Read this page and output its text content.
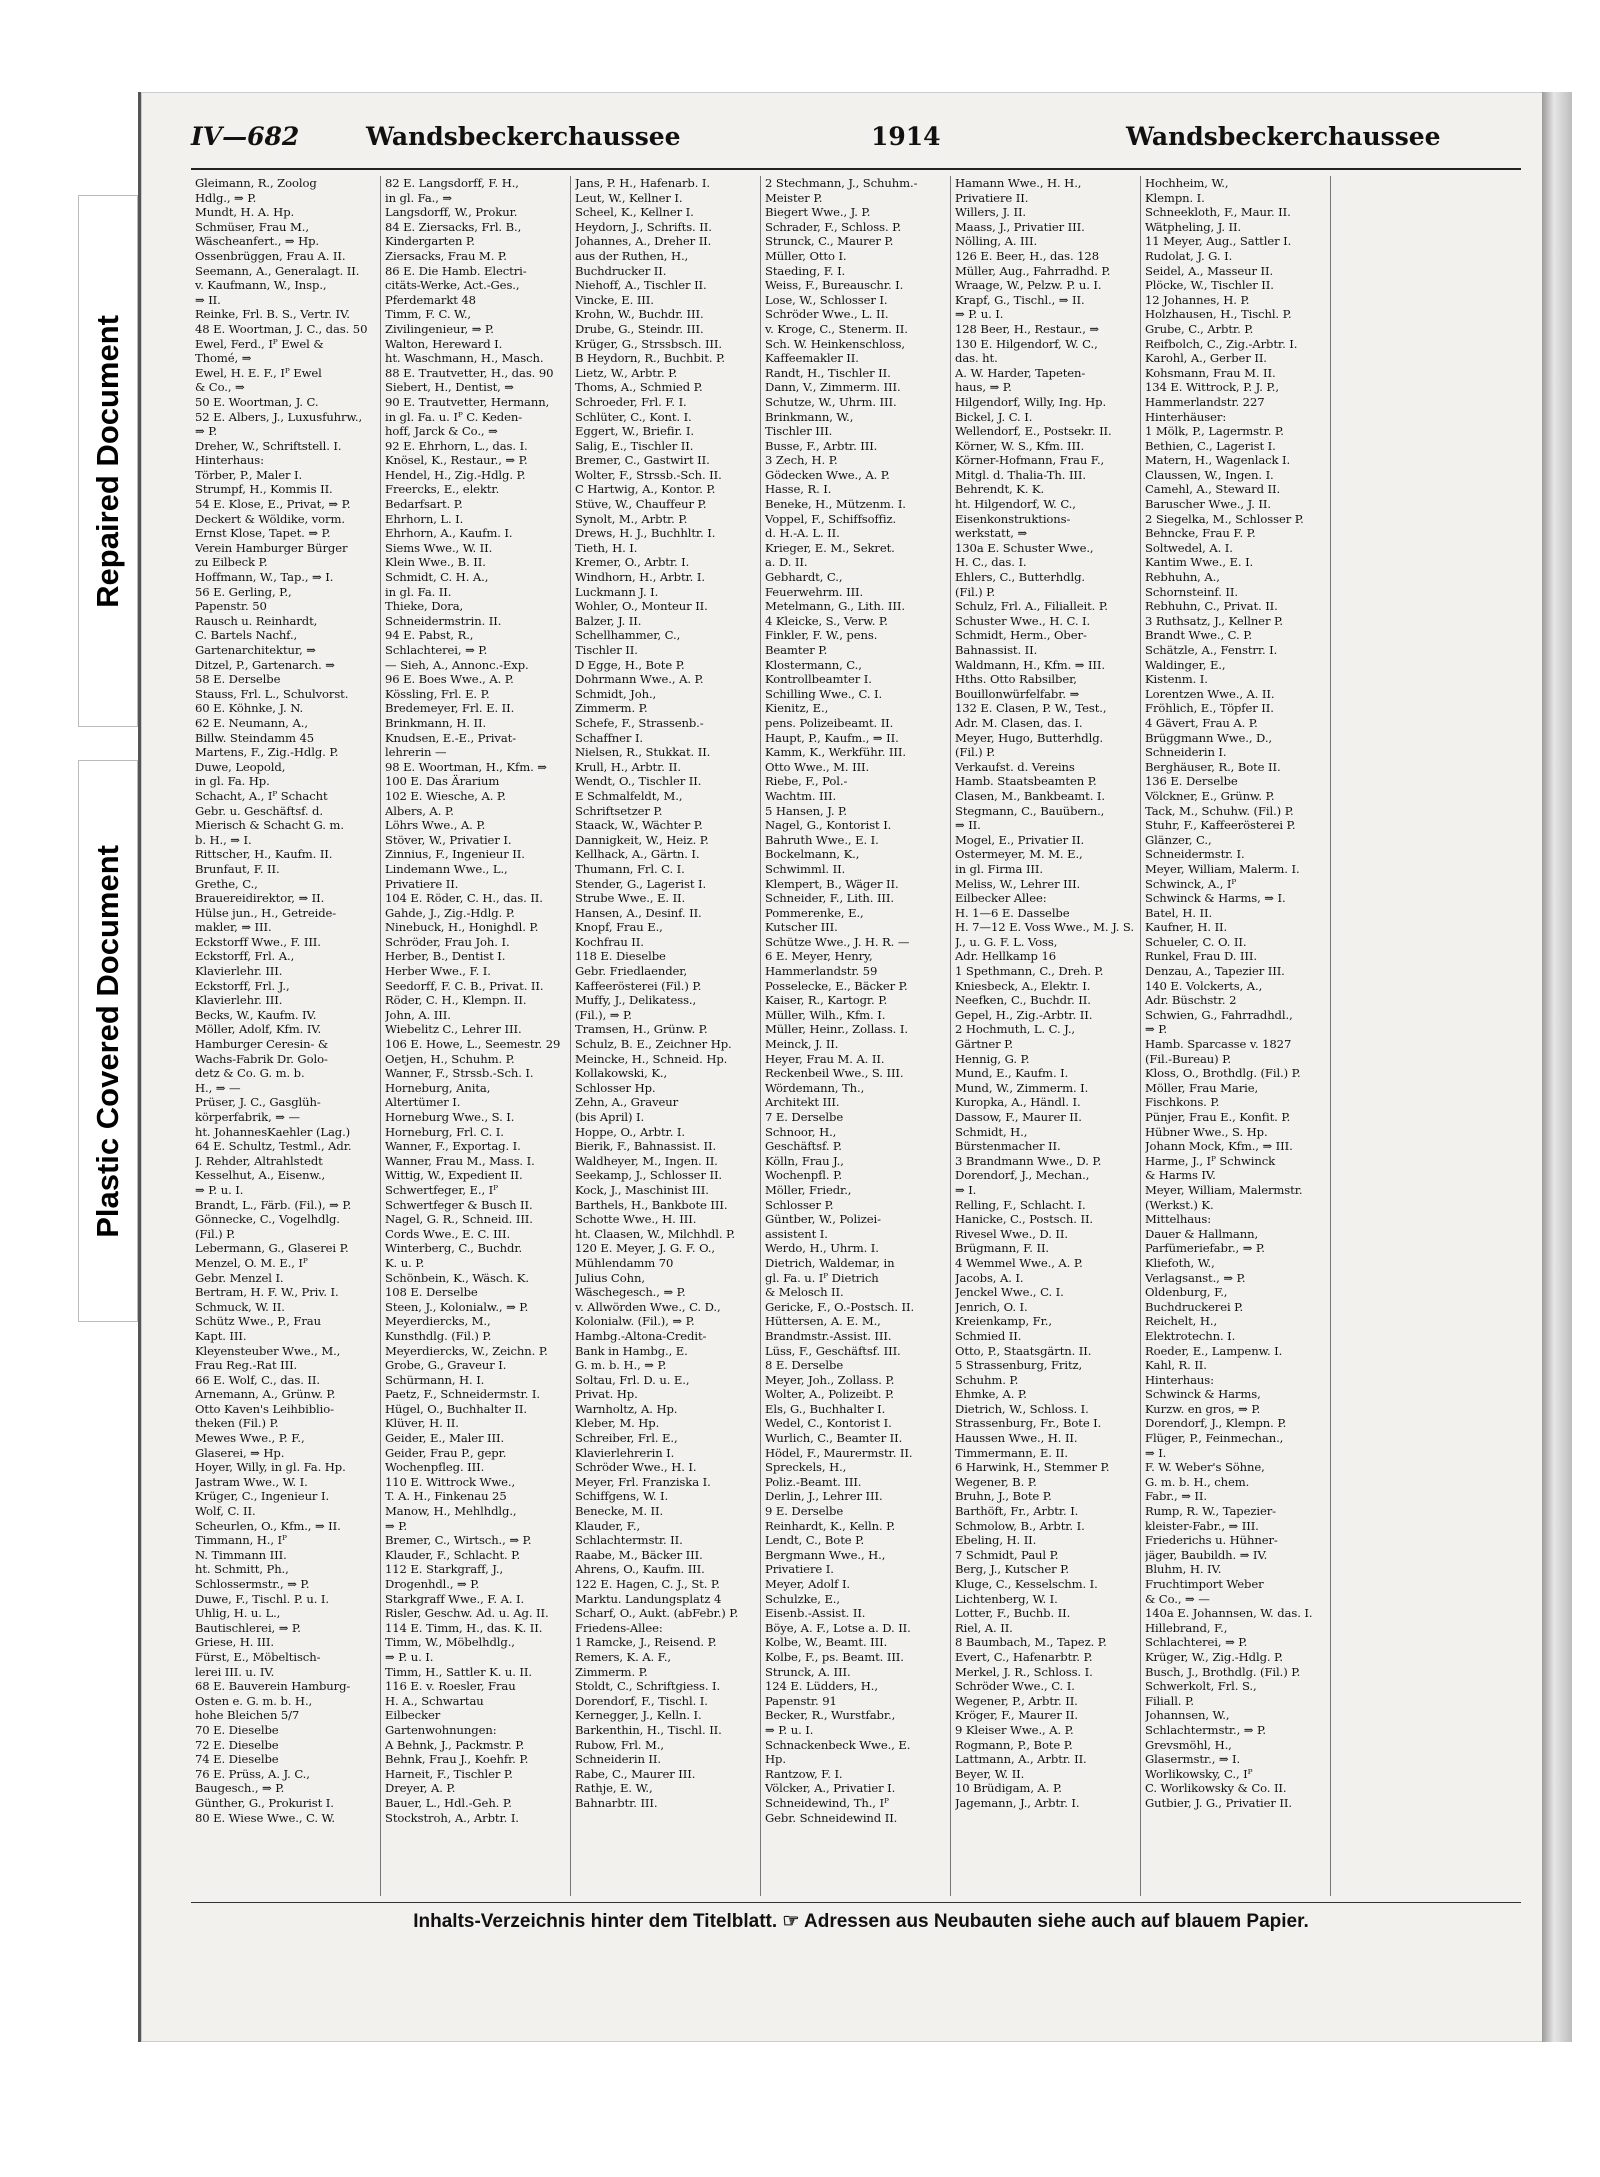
Repaired Document
Plastic Covered Document
IV—682	Wandsbeckerchaussee	1914	Wandsbeckerchaussee
Gleimann, R., Zoolog
Hdlg., ⇒ P.
Mundt, H. A. Hp.
Schmüser, Frau M.,
Wäscheanfert., ⇒ Hp.
Ossenbrüggen, Frau A. II.
Seemann, A., Generalagt. II.
v. Kaufmann, W., Insp.,
⇒ II.
Reinke, Frl. B. S., Vertr. IV.
48 E. Woortman, J. C., das. 50
Ewel, Ferd., Iᴾ Ewel &
Thomé, ⇒
Ewel, H. E. F., Iᴾ Ewel
& Co., ⇒
50 E. Woortman, J. C.
52 E. Albers, J., Luxusfuhrw.,
⇒ P.
Dreher, W., Schriftstell. I.
Hinterhaus:
Törber, P., Maler I.
Strumpf, H., Kommis II.
54 E. Klose, E., Privat, ⇒ P.
Deckert & Wöldike, vorm.
Ernst Klose, Tapet. ⇒ P.
Verein Hamburger Bürger
zu Eilbeck P.
Hoffmann, W., Tap., ⇒ I.
56 E. Gerling, P.,
Papenstr. 50
Rausch u. Reinhardt,
C. Bartels Nachf.,
Gartenarchitektur, ⇒
Ditzel, P., Gartenarch. ⇒
58 E. Derselbe
Stauss, Frl. L., Schulvorst.
60 E. Köhnke, J. N.
62 E. Neumann, A.,
Billw. Steindamm 45
Martens, F., Zig.-Hdlg. P.
Duwe, Leopold,
in gl. Fa. Hp.
Schacht, A., Iᴾ Schacht
Gebr. u. Geschäftsf. d.
Mierisch & Schacht G. m.
b. H., ⇒ I.
Rittscher, H., Kaufm. II.
Brunfaut, F. II.
Grethe, C.,
Brauereidirektor, ⇒ II.
Hülse jun., H., Getreide-
makler, ⇒ III.
Eckstorff Wwe., F. III.
Eckstorff, Frl. A.,
Klavierlehr. III.
Eckstorff, Frl. J.,
Klavierlehr. III.
Becks, W., Kaufm. IV.
Möller, Adolf, Kfm. IV.
Hamburger Ceresin- &
Wachs-Fabrik Dr. Golo-
detz & Co. G. m. b.
H., ⇒ —
Prüser, J. C., Gasglüh-
körperfabrik, ⇒ —
ht. JohannesKaehler (Lag.)
64 E. Schultz, Testml., Adr.
J. Rehder, Altrahlstedt
Kesselhut, A., Eisenw.,
⇒ P. u. I.
Brandt, L., Färb. (Fil.), ⇒ P.
Gönnecke, C., Vogelhdlg.
(Fil.) P.
Lebermann, G., Glaserei P.
Menzel, O. M. E., Iᴾ
Gebr. Menzel I.
Bertram, H. F. W., Priv. I.
Schmuck, W. II.
Schütz Wwe., P., Frau
Kapt. III.
Kleyensteuber Wwe., M.,
Frau Reg.-Rat III.
66 E. Wolf, C., das. II.
Arnemann, A., Grünw. P.
Otto Kaven's Leihbiblio-
theken (Fil.) P.
Mewes Wwe., P. F.,
Glaserei, ⇒ Hp.
Hoyer, Willy, in gl. Fa. Hp.
Jastram Wwe., W. I.
Krüger, C., Ingenieur I.
Wolf, C. II.
Scheurlen, O., Kfm., ⇒ II.
Timmann, H., Iᴾ
N. Timmann III.
ht. Schmitt, Ph.,
Schlossermstr., ⇒ P.
Duwe, F., Tischl. P. u. I.
Uhlig, H. u. L.,
Bautischlerei, ⇒ P.
Griese, H. III.
Fürst, E., Möbeltisch-
lerei III. u. IV.
68 E. Bauverein Hamburg-
Osten e. G. m. b. H.,
hohe Bleichen 5/7
70 E. Dieselbe
72 E. Dieselbe
74 E. Dieselbe
76 E. Prüss, A. J. C.,
Baugesch., ⇒ P.
Günther, G., Prokurist I.
80 E. Wiese Wwe., C. W.
82 E. Langsdorff, F. H.,
in gl. Fa., ⇒
Langsdorff, W., Prokur.
84 E. Ziersacks, Frl. B.,
Kindergarten P.
Ziersacks, Frau M. P.
86 E. Die Hamb. Electri-
citäts-Werke, Act.-Ges.,
Pferdemarkt 48
Timm, F. C. W.,
Zivilingenieur, ⇒ P.
Walton, Hereward I.
ht. Waschmann, H., Masch.
88 E. Trautvetter, H., das. 90
Siebert, H., Dentist, ⇒
90 E. Trautvetter, Hermann,
in gl. Fa. u. Iᴾ C. Keden-
hoff, Jarck & Co., ⇒
92 E. Ehrhorn, L., das. I.
Knösel, K., Restaur., ⇒ P.
Hendel, H., Zig.-Hdlg. P.
Freercks, E., elektr.
Bedarfsart. P.
Ehrhorn, L. I.
Ehrhorn, A., Kaufm. I.
Siems Wwe., W. II.
Klein Wwe., B. II.
Schmidt, C. H. A.,
in gl. Fa. II.
Thieke, Dora,
Schneidermstrin. II.
94 E. Pabst, R.,
Schlachterei, ⇒ P.
— Sieh, A., Annonc.-Exp.
96 E. Boes Wwe., A. P.
Kössling, Frl. E. P.
Bredemeyer, Frl. E. II.
Brinkmann, H. II.
Knudsen, E.-E., Privat-
lehrerin —
98 E. Woortman, H., Kfm. ⇒
100 E. Das Ärarium
102 E. Wiesche, A. P.
Albers, A. P.
Löhrs Wwe., A. P.
Stöver, W., Privatier I.
Zinnius, F., Ingenieur II.
Lindemann Wwe., L.,
Privatiere II.
104 E. Röder, C. H., das. II.
Gahde, J., Zig.-Hdlg. P.
Ninebuck, H., Honighdl. P.
Schröder, Frau Joh. I.
Herber, B., Dentist I.
Herber Wwe., F. I.
Seedorff, F. C. B., Privat. II.
Röder, C. H., Klempn. II.
John, A. III.
Wiebelitz C., Lehrer III.
106 E. Howe, L., Seemestr. 29
Oetjen, H., Schuhm. P.
Wanner, F., Strssb.-Sch. I.
Horneburg, Anita,
Altertümer I.
Horneburg Wwe., S. I.
Horneburg, Frl. C. I.
Wanner, F., Exportag. I.
Wanner, Frau M., Mass. I.
Wittig, W., Expedient II.
Schwertfeger, E., Iᴾ
Schwertfeger & Busch II.
Nagel, G. R., Schneid. III.
Cords Wwe., E. C. III.
Winterberg, C., Buchdr.
K. u. P.
Schönbein, K., Wäsch. K.
108 E. Derselbe
Steen, J., Kolonialw., ⇒ P.
Meyerdiercks, M.,
Kunsthdlg. (Fil.) P.
Meyerdiercks, W., Zeichn. P.
Grobe, G., Graveur I.
Schürmann, H. I.
Paetz, F., Schneidermstr. I.
Hügel, O., Buchhalter II.
Klüver, H. II.
Geider, E., Maler III.
Geider, Frau P., gepr.
Wochenpfleg. III.
110 E. Wittrock Wwe.,
T. A. H., Finkenau 25
Manow, H., Mehlhdlg.,
⇒ P.
Bremer, C., Wirtsch., ⇒ P.
Klauder, F., Schlacht. P.
112 E. Starkgraff, J.,
Drogenhdl., ⇒ P.
Starkgraff Wwe., F. A. I.
Risler, Geschw. Ad. u. Ag. II.
114 E. Timm, H., das. K. II.
Timm, W., Möbelhdlg.,
⇒ P. u. I.
Timm, H., Sattler K. u. II.
116 E. v. Roesler, Frau
H. A., Schwartau
Eilbecker
Gartenwohnungen:
A Behnk, J., Packmstr. P.
Behnk, Frau J., Koehfr. P.
Harneit, F., Tischler P.
Dreyer, A. P.
Bauer, L., Hdl.-Geh. P.
Stockstroh, A., Arbtr. I.
Jans, P. H., Hafenarb. I.
Leut, W., Kellner I.
Scheel, K., Kellner I.
Heydorn, J., Schrifts. II.
Johannes, A., Dreher II.
aus der Ruthen, H.,
Buchdrucker II.
Niehoff, A., Tischler II.
Vincke, E. III.
Krohn, W., Buchdr. III.
Drube, G., Steindr. III.
Krüger, G., Strssbsch. III.
B Heydorn, R., Buchbit. P.
Lietz, W., Arbtr. P.
Thoms, A., Schmied P.
Schroeder, Frl. F. I.
Schlüter, C., Kont. I.
Eggert, W., Briefir. I.
Salig, E., Tischler II.
Bremer, C., Gastwirt II.
Wolter, F., Strssb.-Sch. II.
C Hartwig, A., Kontor. P.
Stüve, W., Chauffeur P.
Synolt, M., Arbtr. P.
Drews, H. J., Buchhltr. I.
Tieth, H. I.
Kremer, O., Arbtr. I.
Windhorn, H., Arbtr. I.
Luckmann J. I.
Wohler, O., Monteur II.
Balzer, J. II.
Schellhammer, C.,
Tischler II.
D Egge, H., Bote P.
Dohrmann Wwe., A. P.
Schmidt, Joh.,
Zimmerm. P.
Schefe, F., Strassenb.-
Schaffner I.
Nielsen, R., Stukkat. II.
Krull, H., Arbtr. II.
Wendt, O., Tischler II.
E Schmalfeldt, M.,
Schriftsetzer P.
Staack, W., Wächter P.
Dannigkeit, W., Heiz. P.
Kellhack, A., Gärtn. I.
Thumann, Frl. C. I.
Stender, G., Lagerist I.
Strube Wwe., E. II.
Hansen, A., Desinf. II.
Knopf, Frau E.,
Kochfrau II.
118 E. Dieselbe
Gebr. Friedlaender,
Kaffeerösterei (Fil.) P.
Muffy, J., Delikatess.,
(Fil.), ⇒ P.
Tramsen, H., Grünw. P.
Schulz, B. E., Zeichner Hp.
Meincke, H., Schneid. Hp.
Kollakowski, K.,
Schlosser Hp.
Zehn, A., Graveur
(bis April) I.
Hoppe, O., Arbtr. I.
Bierik, F., Bahnassist. II.
Waldheyer, M., Ingen. II.
Seekamp, J., Schlosser II.
Kock, J., Maschinist III.
Barthels, H., Bankbote III.
Schotte Wwe., H. III.
ht. Claasen, W., Milchhdl. P.
120 E. Meyer, J. G. F. O.,
Mühlendamm 70
Julius Cohn,
Wäschegesch., ⇒ P.
v. Allwörden Wwe., C. D.,
Kolonialw. (Fil.), ⇒ P.
Hambg.-Altona-Credit-
Bank in Hambg., E.
G. m. b. H., ⇒ P.
Soltau, Frl. D. u. E.,
Privat. Hp.
Warnholtz, A. Hp.
Kleber, M. Hp.
Schreiber, Frl. E.,
Klavierlehrerin I.
Schröder Wwe., H. I.
Meyer, Frl. Franziska I.
Schiffgens, W. I.
Benecke, M. II.
Klauder, F.,
Schlachtermstr. II.
Raabe, M., Bäcker III.
Ahrens, O., Kaufm. III.
122 E. Hagen, C. J., St. P.
Marktu. Landungsplatz 4
Scharf, O., Aukt. (abFebr.) P.
Friedens-Allee:
1 Ramcke, J., Reisend. P.
Remers, K. A. F.,
Zimmerm. P.
Stoldt, C., Schriftgiess. I.
Dorendorf, F., Tischl. I.
Kernegger, J., Kelln. I.
Barkenthin, H., Tischl. II.
Rubow, Frl. M.,
Schneiderin II.
Rabe, C., Maurer III.
Rathje, E. W.,
Bahnarbtr. III.
2 Stechmann, J., Schuhm.-
Meister P.
Biegert Wwe., J. P.
Schrader, F., Schloss. P.
Strunck, C., Maurer P.
Müller, Otto I.
Staeding, F. I.
Weiss, F., Bureauschr. I.
Lose, W., Schlosser I.
Schröder Wwe., L. II.
v. Kroge, C., Stenerm. II.
Sch. W. Heinkenschloss,
Kaffeemakler II.
Randt, H., Tischler II.
Dann, V., Zimmerm. III.
Schutze, W., Uhrm. III.
Brinkmann, W.,
Tischler III.
Busse, F., Arbtr. III.
3 Zech, H. P.
Gödecken Wwe., A. P.
Hasse, R. I.
Beneke, H., Mützenm. I.
Voppel, F., Schiffsoffiz.
d. H.-A. L. II.
Krieger, E. M., Sekret.
a. D. II.
Gebhardt, C.,
Feuerwehrm. III.
Metelmann, G., Lith. III.
4 Kleicke, S., Verw. P.
Finkler, F. W., pens.
Beamter P.
Klostermann, C.,
Kontrollbeamter I.
Schilling Wwe., C. I.
Kienitz, E.,
pens. Polizeibeamt. II.
Haupt, P., Kaufm., ⇒ II.
Kamm, K., Werkführ. III.
Otto Wwe., M. III.
Riebe, F., Pol.-
Wachtm. III.
5 Hansen, J. P.
Nagel, G., Kontorist I.
Bahruth Wwe., E. I.
Bockelmann, K.,
Schwimml. II.
Klempert, B., Wäger II.
Schneider, F., Lith. III.
Pommerenke, E.,
Kutscher III.
Schütze Wwe., J. H. R. —
6 E. Meyer, Henry,
Hammerlandstr. 59
Posselecke, E., Bäcker P.
Kaiser, R., Kartogr. P.
Müller, Wilh., Kfm. I.
Müller, Heinr., Zollass. I.
Meinck, J. II.
Heyer, Frau M. A. II.
Reckenbeil Wwe., S. III.
Wördemann, Th.,
Architekt III.
7 E. Derselbe
Schnoor, H.,
Geschäftsf. P.
Kölln, Frau J.,
Wochenpfl. P.
Möller, Friedr.,
Schlosser P.
Güntber, W., Polizei-
assistent I.
Werdo, H., Uhrm. I.
Dietrich, Waldemar, in
gl. Fa. u. Iᴾ Dietrich
& Melosch II.
Gericke, F., O.-Postsch. II.
Hüttersen, A. E. M.,
Brandmstr.-Assist. III.
Lüss, F., Geschäftsf. III.
8 E. Derselbe
Meyer, Joh., Zollass. P.
Wolter, A., Polizeibt. P.
Els, G., Buchhalter I.
Wedel, C., Kontorist I.
Wurlich, C., Beamter II.
Hödel, F., Maurermstr. II.
Spreckels, H.,
Poliz.-Beamt. III.
Derlin, J., Lehrer III.
9 E. Derselbe
Reinhardt, K., Kelln. P.
Lendt, C., Bote P.
Bergmann Wwe., H.,
Privatiere I.
Meyer, Adolf I.
Schulzke, E.,
Eisenb.-Assist. II.
Böye, A. F., Lotse a. D. II.
Kolbe, W., Beamt. III.
Kolbe, F., ps. Beamt. III.
Strunck, A. III.
124 E. Lüdders, H.,
Papenstr. 91
Becker, R., Wurstfabr.,
⇒ P. u. I.
Schnackenbeck Wwe., E.
Hp.
Rantzow, F. I.
Völcker, A., Privatier I.
Schneidewind, Th., Iᴾ
Gebr. Schneidewind II.
Hamann Wwe., H. H.,
Privatiere II.
Willers, J. II.
Maass, J., Privatier III.
Nölling, A. III.
126 E. Beer, H., das. 128
Müller, Aug., Fahrradhd. P.
Wraage, W., Pelzw. P. u. I.
Krapf, G., Tischl., ⇒ II.
⇒ P. u. I.
128 Beer, H., Restaur., ⇒
130 E. Hilgendorf, W. C.,
das. ht.
A. W. Harder, Tapeten-
haus, ⇒ P.
Hilgendorf, Willy, Ing. Hp.
Bickel, J. C. I.
Wellendorf, E., Postsekr. II.
Körner, W. S., Kfm. III.
Körner-Hofmann, Frau F.,
Mitgl. d. Thalia-Th. III.
Behrendt, K. K.
ht. Hilgendorf, W. C.,
Eisenkonstruktions-
werkstatt, ⇒
130a E. Schuster Wwe.,
H. C., das. I.
Ehlers, C., Butterhdlg.
(Fil.) P.
Schulz, Frl. A., Filialleit. P.
Schuster Wwe., H. C. I.
Schmidt, Herm., Ober-
Bahnassist. II.
Waldmann, H., Kfm. ⇒ III.
Hths. Otto Rabsilber,
Bouillonwürfelfabr. ⇒
132 E. Clasen, P. W., Test.,
Adr. M. Clasen, das. I.
Meyer, Hugo, Butterhdlg.
(Fil.) P.
Verkaufst. d. Vereins
Hamb. Staatsbeamten P.
Clasen, M., Bankbeamt. I.
Stegmann, C., Bauübern.,
⇒ II.
Mogel, E., Privatier II.
Ostermeyer, M. M. E.,
in gl. Firma III.
Meliss, W., Lehrer III.
Eilbecker Allee:
H. 1—6 E. Dasselbe
H. 7—12 E. Voss Wwe., M. J. S.
J., u. G. F. L. Voss,
Adr. Hellkamp 16
1 Spethmann, C., Dreh. P.
Kniesbeck, A., Elektr. I.
Neefken, C., Buchdr. II.
Gepel, H., Zig.-Arbtr. II.
2 Hochmuth, L. C. J.,
Gärtner P.
Hennig, G. P.
Mund, E., Kaufm. I.
Mund, W., Zimmerm. I.
Kuropka, A., Händl. I.
Dassow, F., Maurer II.
Schmidt, H.,
Bürstenmacher II.
3 Brandmann Wwe., D. P.
Dorendorf, J., Mechan.,
⇒ I.
Relling, F., Schlacht. I.
Hanicke, C., Postsch. II.
Rivesel Wwe., D. II.
Brügmann, F. II.
4 Wemmel Wwe., A. P.
Jacobs, A. I.
Jenckel Wwe., C. I.
Jenrich, O. I.
Kreienkamp, Fr.,
Schmied II.
Otto, P., Staatsgärtn. II.
5 Strassenburg, Fritz,
Schuhm. P.
Ehmke, A. P.
Dietrich, W., Schloss. I.
Strassenburg, Fr., Bote I.
Haussen Wwe., H. II.
Timmermann, E. II.
6 Harwink, H., Stemmer P.
Wegener, B. P.
Bruhn, J., Bote P.
Barthöft, Fr., Arbtr. I.
Schmolow, B., Arbtr. I.
Ebeling, H. II.
7 Schmidt, Paul P.
Berg, J., Kutscher P.
Kluge, C., Kesselschm. I.
Lichtenberg, W. I.
Lotter, F., Buchb. II.
Riel, A. II.
8 Baumbach, M., Tapez. P.
Evert, C., Hafenarbtr. P.
Merkel, J. R., Schloss. I.
Schröder Wwe., C. I.
Wegener, P., Arbtr. II.
Kröger, F., Maurer II.
9 Kleiser Wwe., A. P.
Rogmann, P., Bote P.
Lattmann, A., Arbtr. II.
Beyer, W. II.
10 Brüdigam, A. P.
Jagemann, J., Arbtr. I.
Hochheim, W.,
Klempn. I.
Schneekloth, F., Maur. II.
Wätpheling, J. II.
11 Meyer, Aug., Sattler I.
Rudolat, J. G. I.
Seidel, A., Masseur II.
Plöcke, W., Tischler II.
12 Johannes, H. P.
Holzhausen, H., Tischl. P.
Grube, C., Arbtr. P.
Reifbolch, C., Zig.-Arbtr. I.
Karohl, A., Gerber II.
Kohsmann, Frau M. II.
134 E. Wittrock, P. J. P.,
Hammerlandstr. 227
Hinterhäuser:
1 Mölk, P., Lagermstr. P.
Bethien, C., Lagerist I.
Matern, H., Wagenlack I.
Claussen, W., Ingen. I.
Camehl, A., Steward II.
Baruscher Wwe., J. II.
2 Siegelka, M., Schlosser P.
Behncke, Frau F. P.
Soltwedel, A. I.
Kantim Wwe., E. I.
Rebhuhn, A.,
Schornsteinf. II.
Rebhuhn, C., Privat. II.
3 Ruthsatz, J., Kellner P.
Brandt Wwe., C. P.
Schätzle, A., Fenstrr. I.
Waldinger, E.,
Kistenm. I.
Lorentzen Wwe., A. II.
Fröhlich, E., Töpfer II.
4 Gävert, Frau A. P.
Brüggmann Wwe., D.,
Schneiderin I.
Berghäuser, R., Bote II.
136 E. Derselbe
Völckner, E., Grünw. P.
Tack, M., Schuhw. (Fil.) P.
Stuhr, F., Kaffeerösterei P.
Glänzer, C.,
Schneidermstr. I.
Meyer, William, Malerm. I.
Schwinck, A., Iᴾ
Schwinck & Harms, ⇒ I.
Batel, H. II.
Kaufner, H. II.
Schueler, C. O. II.
Runkel, Frau D. III.
Denzau, A., Tapezier III.
140 E. Volckerts, A.,
Adr. Büschstr. 2
Schwien, G., Fahrradhdl.,
⇒ P.
Hamb. Sparcasse v. 1827
(Fil.-Bureau) P.
Kloss, O., Brothdlg. (Fil.) P.
Möller, Frau Marie,
Fischkons. P.
Pünjer, Frau E., Konfit. P.
Hübner Wwe., S. Hp.
Johann Mock, Kfm., ⇒ III.
Harme, J., Iᴾ Schwinck
& Harms IV.
Meyer, William, Malermstr.
(Werkst.) K.
Mittelhaus:
Dauer & Hallmann,
Parfümeriefabr., ⇒ P.
Kliefoth, W.,
Verlagsanst., ⇒ P.
Oldenburg, F.,
Buchdruckerei P.
Reichelt, H.,
Elektrotechn. I.
Roeder, E., Lampenw. I.
Kahl, R. II.
Hinterhaus:
Schwinck & Harms,
Kurzw. en gros, ⇒ P.
Dorendorf, J., Klempn. P.
Flüger, P., Feinmechan.,
⇒ I.
F. W. Weber's Söhne,
G. m. b. H., chem.
Fabr., ⇒ II.
Rump, R. W., Tapezier-
kleister-Fabr., ⇒ III.
Friederichs u. Hühner-
jäger, Baubildh. ⇒ IV.
Bluhm, H. IV.
Fruchtimport Weber
& Co., ⇒ —
140a E. Johannsen, W. das. I.
Hillebrand, F.,
Schlachterei, ⇒ P.
Krüger, W., Zig.-Hdlg. P.
Busch, J., Brothdlg. (Fil.) P.
Schwerkolt, Frl. S.,
Filiall. P.
Johannsen, W.,
Schlachtermstr., ⇒ P.
Grevsmöhl, H.,
Glasermstr., ⇒ I.
Worlikowsky, C., Iᴾ
C. Worlikowsky & Co. II.
Gutbier, J. G., Privatier II.
Inhalts-Verzeichnis hinter dem Titelblatt. ☞ Adressen aus Neubauten siehe auch auf blauem Papier.
